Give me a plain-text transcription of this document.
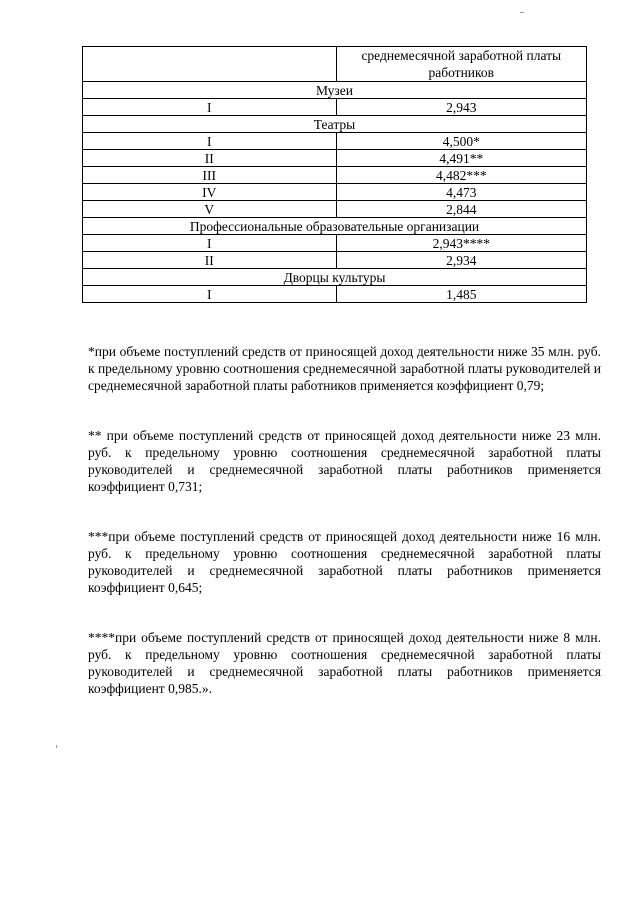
	среднемесячной заработной платы работников

Музеи	
I	2,943
Театры	
I	4,500*
II	4,491**
III	4,482***
IV	4,473
V	2,844
Профессиональные образовательные организации	
I	2,943****
II	2,934
Дворцы культуры	
I	1,485

*при объеме поступлений средств от приносящей доход деятельности ниже 35 млн. руб. к предельному уровню соотношения среднемесячной заработной платы руководителей и среднемесячной заработной платы работников применяется коэффициент 0,79;

** при объеме поступлений средств от приносящей доход деятельности ниже 23 млн. руб. к предельному уровню соотношения среднемесячной заработной платы руководителей и среднемесячной заработной платы работников применяется коэффициент 0,731;

***при объеме поступлений средств от приносящей доход деятельности ниже 16 млн. руб. к предельному уровню соотношения среднемесячной заработной платы руководителей и среднемесячной заработной платы работников применяется коэффициент 0,645;

****при объеме поступлений средств от приносящей доход деятельности ниже 8 млн. руб. к предельному уровню соотношения среднемесячной заработной платы руководителей и среднемесячной заработной платы работников применяется коэффициент 0,985.».
